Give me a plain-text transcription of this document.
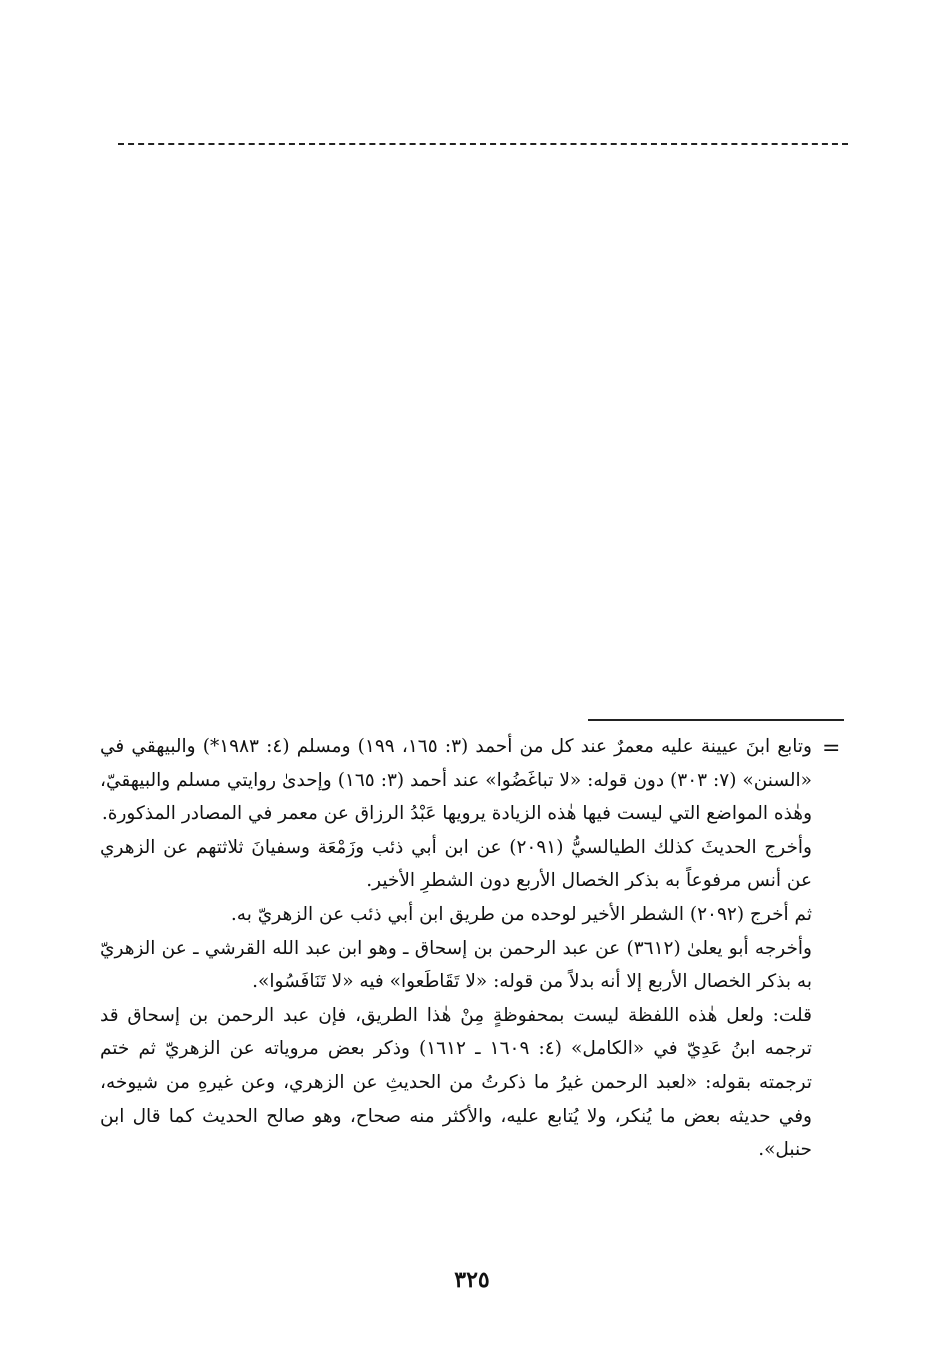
=

وتابع ابنَ عيينة عليه معمرٌ عند كل من أحمد (٣: ١٦٥، ١٩٩) ومسلم (٤: ١٩٨٣*) والبيهقي في «السنن» (٧: ٣٠٣) دون قوله: «لا تباغَضُوا» عند أحمد (٣: ١٦٥) وإحدىٰ روايتي مسلم والبيهقيّ، وهٰذه المواضع التي ليست فيها هٰذه الزيادة يرويها عَبْدُ الرزاق عن معمر في المصادر المذكورة.

وأخرج الحديثَ كذلك الطيالسيُّ (٢٠٩١) عن ابن أبي ذئب وزَمْعَة وسفيانَ ثلاثتهم عن الزهري عن أنس مرفوعاً به بذكر الخصال الأربع دون الشطرِ الأخير.

ثم أخرج (٢٠٩٢) الشطر الأخير لوحده من طريق ابن أبي ذئب عن الزهريّ به.

وأخرجه أبو يعلىٰ (٣٦١٢) عن عبد الرحمن بن إسحاق ـ وهو ابن عبد الله القرشي ـ عن الزهريّ به بذكر الخصال الأربع إلا أنه بدلاً من قوله: «لا تَقَاطَعوا» فيه «لا تَنَافَسُوا».

قلت: ولعل هٰذه اللفظة ليست بمحفوظةٍ مِنْ هٰذا الطريق، فإن عبد الرحمن بن إسحاق قد ترجمه ابنُ عَدِيّ في «الكامل» (٤: ١٦٠٩ ـ ١٦١٢) وذكر بعض مروياته عن الزهريّ ثم ختم ترجمته بقوله: «لعبد الرحمن غيرُ ما ذكرتُ من الحديثِ عن الزهري، وعن غيرهِ من شيوخه، وفي حديثه بعض ما يُنكر، ولا يُتابع عليه، والأكثر منه صحاح، وهو صالح الحديث كما قال ابن حنبل».

٣٢٥
